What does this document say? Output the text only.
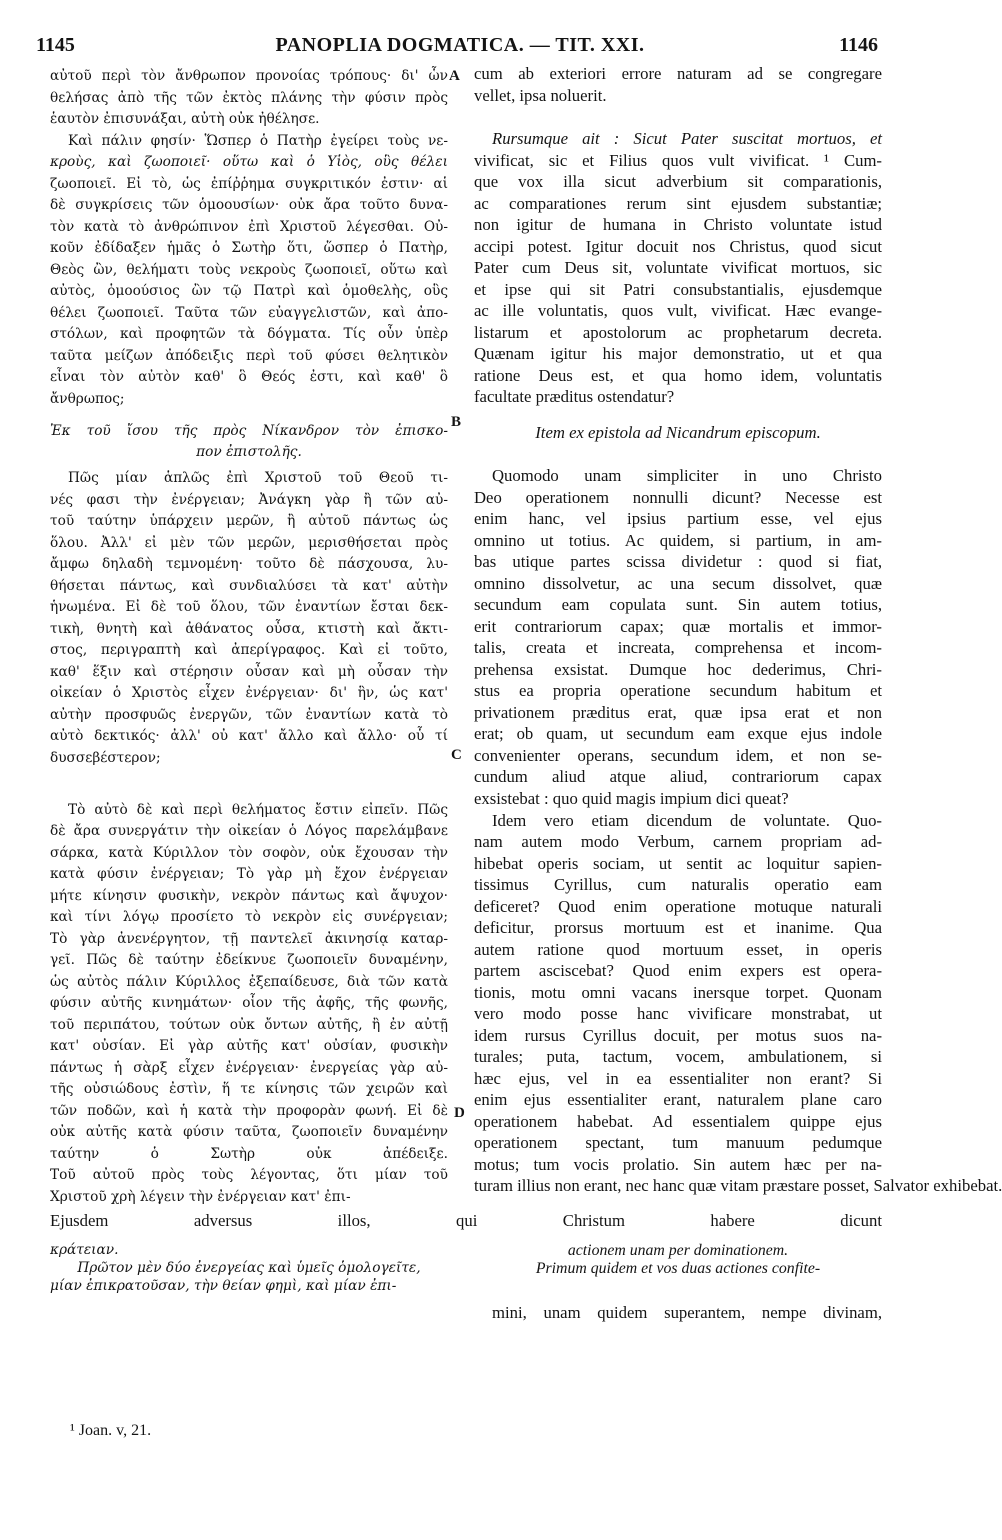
1145	PANOPLIA DOGMATICA. — TIT. XXI.	1146
A
B
C
D
αὐτοῦ περὶ τὸν ἄνθρωπον προνοίας τρόπους· δι' ὧν
θελήσας ἀπὸ τῆς τῶν ἐκτὸς πλάνης τὴν φύσιν πρὸς
ἑαυτὸν ἐπισυνάξαι, αὐτὴ οὐκ ἠθέλησε.
Καὶ πάλιν φησίν· Ὥσπερ ὁ Πατὴρ ἐγείρει τοὺς νε-
κροὺς, καὶ ζωοποιεῖ· οὕτω καὶ ὁ Υἱὸς, οὓς θέλει
ζωοποιεῖ. Εἰ τὸ, ὡς ἐπίῤῥημα συγκριτικόν ἐστιν· αἱ
δὲ συγκρίσεις τῶν ὁμοουσίων· οὐκ ἄρα τοῦτο δυνα-
τὸν κατὰ τὸ ἀνθρώπινον ἐπὶ Χριστοῦ λέγεσθαι. Οὐ-
κοῦν ἐδίδαξεν ἡμᾶς ὁ Σωτὴρ ὅτι, ὥσπερ ὁ Πατὴρ,
Θεὸς ὢν, θελήματι τοὺς νεκροὺς ζωοποιεῖ, οὕτω καὶ
αὐτὸς, ὁμοούσιος ὢν τῷ Πατρὶ καὶ ὁμοθελὴς, οὓς
θέλει ζωοποιεῖ. Ταῦτα τῶν εὐαγγελιστῶν, καὶ ἀπο-
στόλων, καὶ προφητῶν τὰ δόγματα. Τίς οὖν ὑπὲρ
ταῦτα μείζων ἀπόδειξις περὶ τοῦ φύσει θελητικὸν
εἶναι τὸν αὐτὸν καθ' ὃ Θεός ἐστι, καὶ καθ' ὃ
ἄνθρωπος;
Ἐκ τοῦ ἴσου τῆς πρὸς Νίκανδρον τὸν ἐπισκο-
πον ἐπιστολῆς.
Πῶς μίαν ἁπλῶς ἐπὶ Χριστοῦ τοῦ Θεοῦ τι-
νές φασι τὴν ἐνέργειαν; Ἀνάγκη γὰρ ἢ τῶν αὐ-
τοῦ ταύτην ὑπάρχειν μερῶν, ἢ αὐτοῦ πάντως ὡς
ὅλου. Ἀλλ' εἰ μὲν τῶν μερῶν, μερισθήσεται πρὸς
ἄμφω δηλαδὴ τεμνομένη· τοῦτο δὲ πάσχουσα, λυ-
θήσεται πάντως, καὶ συνδιαλύσει τὰ κατ' αὐτὴν
ἡνωμένα. Εἰ δὲ τοῦ ὅλου, τῶν ἐναντίων ἔσται δεκ-
τικὴ, θνητὴ καὶ ἀθάνατος οὖσα, κτιστὴ καὶ ἄκτι-
στος, περιγραπτὴ καὶ ἀπερίγραφος. Καὶ εἰ τοῦτο,
καθ' ἕξιν καὶ στέρησιν οὖσαν καὶ μὴ οὖσαν τὴν
οἰκείαν ὁ Χριστὸς εἶχεν ἐνέργειαν· δι' ἣν, ὡς κατ'
αὐτὴν προσφυῶς ἐνεργῶν, τῶν ἐναντίων κατὰ τὸ
αὐτὸ δεκτικός· ἀλλ' οὐ κατ' ἄλλο καὶ ἄλλο· οὗ τί
δυσσεβέστερον;
Τὸ αὐτὸ δὲ καὶ περὶ θελήματος ἔστιν εἰπεῖν. Πῶς
δὲ ἄρα συνεργάτιν τὴν οἰκείαν ὁ Λόγος παρελάμβανε
σάρκα, κατὰ Κύριλλον τὸν σοφὸν, οὐκ ἔχουσαν τὴν
κατὰ φύσιν ἐνέργειαν; Τὸ γὰρ μὴ ἔχον ἐνέργειαν
μήτε κίνησιν φυσικὴν, νεκρὸν πάντως καὶ ἄψυχον·
καὶ τίνι λόγῳ προσίετο τὸ νεκρὸν εἰς συνέργειαν;
Τὸ γὰρ ἀνενέργητον, τῇ παντελεῖ ἀκινησίᾳ καταρ-
γεῖ. Πῶς δὲ ταύτην ἐδείκνυε ζωοποιεῖν δυναμένην,
ὡς αὐτὸς πάλιν Κύριλλος ἐξεπαίδευσε, διὰ τῶν κατὰ
φύσιν αὐτῆς κινημάτων· οἷον τῆς ἀφῆς, τῆς φωνῆς,
τοῦ περιπάτου, τούτων οὐκ ὄντων αὐτῆς, ἢ ἐν αὐτῇ
κατ' οὐσίαν. Εἰ γὰρ αὐτῆς κατ' οὐσίαν, φυσικὴν
πάντως ἡ σὰρξ εἶχεν ἐνέργειαν· ἐνεργείας γὰρ αὐ-
τῆς οὐσιώδους ἐστὶν, ἥ τε κίνησις τῶν χειρῶν καὶ
τῶν ποδῶν, καὶ ἡ κατὰ τὴν προφορὰν φωνή. Εἰ δὲ
οὐκ αὐτῆς κατὰ φύσιν ταῦτα, ζωοποιεῖν δυναμένην
ταύτην ὁ Σωτὴρ οὐκ ἀπέδειξε.
Τοῦ αὐτοῦ πρὸς τοὺς λέγοντας, ὅτι μίαν τοῦ
Χριστοῦ χρὴ λέγειν τὴν ἐνέργειαν κατ' ἐπι-
κράτειαν.
Πρῶτον μὲν δύο ἐνεργείας καὶ ὑμεῖς ὁμολογεῖτε,
μίαν ἐπικρατοῦσαν, τὴν θείαν φημὶ, καὶ μίαν ἐπι-
cum ab exteriori errore naturam ad se congregare
vellet, ipsa noluerit.
Rursumque ait : Sicut Pater suscitat mortuos, et
vivificat, sic et Filius quos vult vivificat. ¹ Cum-
que vox illa sicut adverbium sit comparationis,
ac comparationes rerum sint ejusdem substantiæ;
non igitur de humana in Christo voluntate istud
accipi potest. Igitur docuit nos Christus, quod sicut
Pater cum Deus sit, voluntate vivificat mortuos, sic
et ipse qui sit Patri consubstantialis, ejusdemque
ac ille voluntatis, quos vult, vivificat. Hæc evange-
listarum et apostolorum ac prophetarum decreta.
Quænam igitur his major demonstratio, ut et qua
ratione Deus est, et qua homo idem, voluntatis
facultate præditus ostendatur?
Item ex epistola ad Nicandrum episcopum.
Quomodo unam simpliciter in uno Christo
Deo operationem nonnulli dicunt? Necesse est
enim hanc, vel ipsius partium esse, vel ejus
omnino ut totius. Ac quidem, si partium, in am-
bas utique partes scissa dividetur : quod si fiat,
omnino dissolvetur, ac una secum dissolvet, quæ
secundum eam copulata sunt. Sin autem totius,
erit contrariorum capax; quæ mortalis et immor-
talis, creata et increata, comprehensa et incom-
prehensa exsistat. Dumque hoc dederimus, Chri-
stus ea propria operatione secundum habitum et
privationem præditus erat, quæ ipsa erat et non
erat; ob quam, ut secundum eam exque ejus indole
convenienter operans, secundum idem, et non se-
cundum aliud atque aliud, contrariorum capax
exsistebat : quo quid magis impium dici queat?
Idem vero etiam dicendum de voluntate. Quo-
nam autem modo Verbum, carnem propriam ad-
hibebat operis sociam, ut sentit ac loquitur sapien-
tissimus Cyrillus, cum naturalis operatio eam
deficeret? Quod enim operatione motuque naturali
deficitur, prorsus mortuum est et inanime. Qua
autem ratione quod mortuum esset, in operis
partem asciscebat? Quod enim expers est opera-
tionis, motu omni vacans inersque torpet. Quonam
vero modo posse hanc vivificare monstrabat, ut
idem rursus Cyrillus docuit, per motus suos na-
turales; puta, tactum, vocem, ambulationem, si
hæc ejus, vel in ea essentialiter non erant? Si
enim ejus essentialiter erant, naturalem plane carо
operationem habebat. Ad essentialem quippe ejus
operationem spectant, tum manuum pedumque
motus; tum vocis prolatio. Sin autem hæc per na-
turam illius non erant, nec hanc quæ vitam præstare posset, Salvator exhibebat.
Ejusdem adversus illos, qui Christum habere dicunt
actionem unam per dominationem.
Primum quidem et vos duas actiones confite-
mini, unam quidem superantem, nempe divinam,
¹ Joan. v, 21.
